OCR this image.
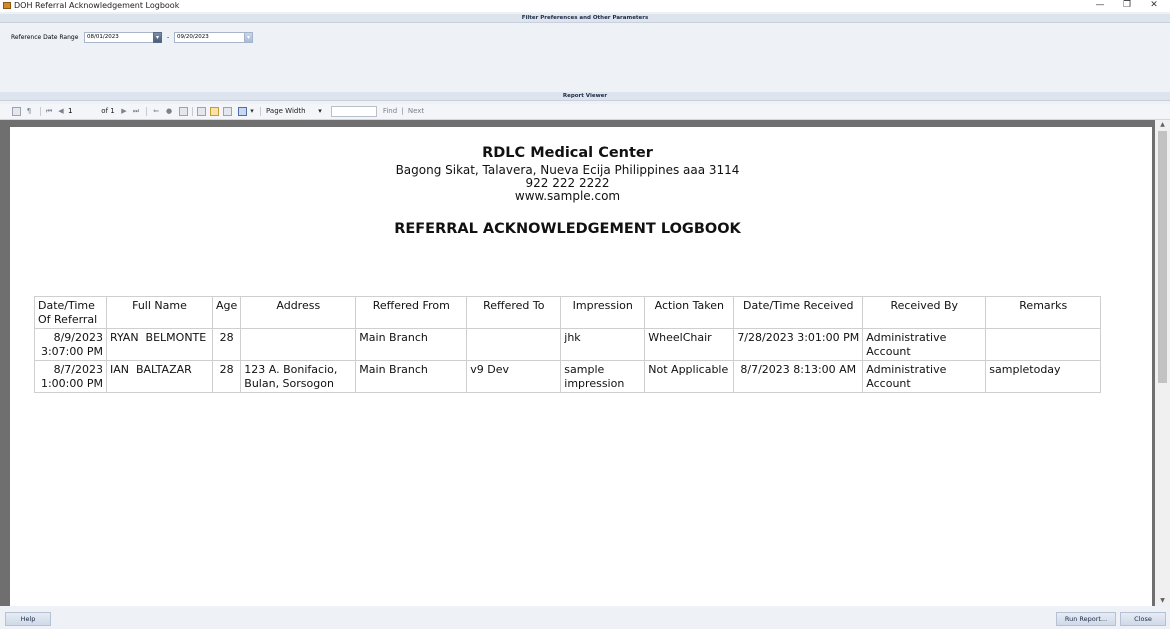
DOH Referral Acknowledgement Logbook	—	❐	✕
Filter Preferences and Other Parameters
Reference Date Range	08/01/2023	▾	-	09/20/2023	▾
Report Viewer
¶	⏮ ◀ 1	of 1 ▶ ⏭ ⇐ ●	▾	Page Width	▾	Find | Next
RDLC Medical Center
Bagong Sikat, Talavera, Nueva Ecija Philippines aaa 3114
922 222 2222
www.sample.com
REFERRAL ACKNOWLEDGEMENT LOGBOOK
Date/Time Of Referral	Full Name	Age	Address	Reffered From	Reffered To	Impression	Action Taken	Date/Time Received	Received By	Remarks
8/9/2023 3:07:00 PM	RYAN  BELMONTE	28		Main Branch		jhk	WheelChair	7/28/2023 3:01:00 PM	Administrative Account	
8/7/2023 1:00:00 PM	IAN  BALTAZAR	28	123 A. Bonifacio, Bulan, Sorsogon	Main Branch	v9 Dev	sample impression	Not Applicable	8/7/2023 8:13:00 AM	Administrative Account	sampletoday
▲
▼
Help	Run Report...	Close
